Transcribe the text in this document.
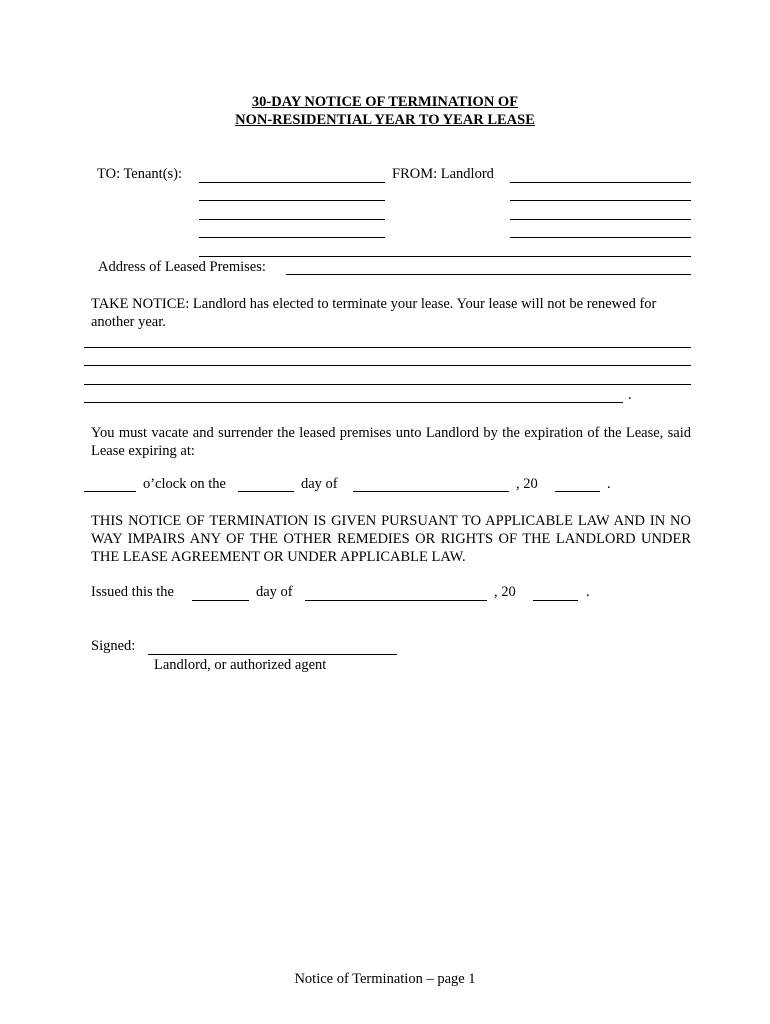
30-DAY NOTICE OF TERMINATION OF
NON-RESIDENTIAL YEAR TO YEAR LEASE
TO: Tenant(s):	FROM: Landlord
Address of Leased Premises:
TAKE NOTICE: Landlord has elected to terminate your lease. Your lease will not be renewed for another year.
.
You must vacate and surrender the leased premises unto Landlord by the expiration of the Lease, said Lease expiring at:
o’clock on the	day of	, 20	.
THIS NOTICE OF TERMINATION IS GIVEN PURSUANT TO APPLICABLE LAW AND IN NO WAY IMPAIRS ANY OF THE OTHER REMEDIES OR RIGHTS OF THE LANDLORD UNDER THE LEASE AGREEMENT OR UNDER APPLICABLE LAW.
Issued this the	day of	, 20	.
Signed:
Landlord, or authorized agent
Notice of Termination – page 1
